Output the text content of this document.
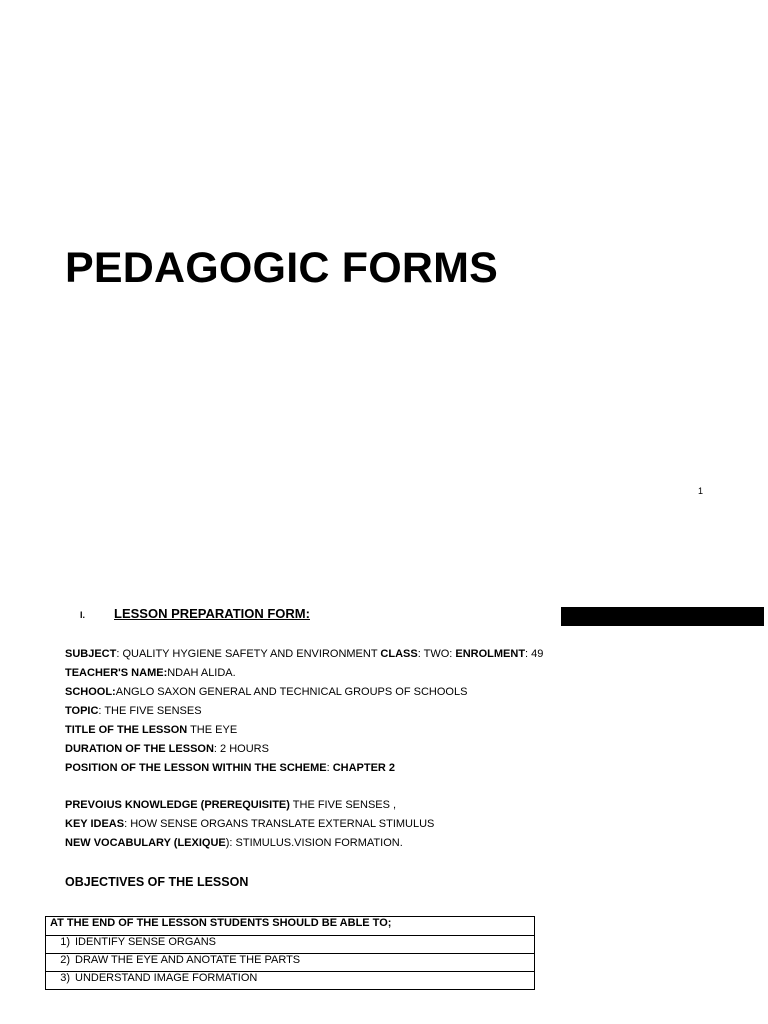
PEDAGOGIC FORMS
1
I. LESSON PREPARATION FORM:
SUBJECT: QUALITY HYGIENE SAFETY AND ENVIRONMENT CLASS: TWO: ENROLMENT: 49
TEACHER'S NAME:NDAH ALIDA.
SCHOOL:ANGLO SAXON GENERAL AND TECHNICAL GROUPS OF SCHOOLS
TOPIC: THE FIVE SENSES
TITLE OF THE LESSON THE EYE
DURATION OF THE LESSON: 2 HOURS
POSITION OF THE LESSON WITHIN THE SCHEME: CHAPTER 2
PREVOIUS KNOWLEDGE (PREREQUISITE) THE FIVE SENSES ,
KEY IDEAS: HOW SENSE ORGANS TRANSLATE EXTERNAL STIMULUS
NEW VOCABULARY (LEXIQUE): STIMULUS.VISION FORMATION.
OBJECTIVES OF THE LESSON
AT THE END OF THE LESSON STUDENTS SHOULD BE ABLE TO;
1) IDENTIFY SENSE ORGANS
2) DRAW THE EYE AND ANOTATE THE PARTS
3) UNDERSTAND IMAGE FORMATION
